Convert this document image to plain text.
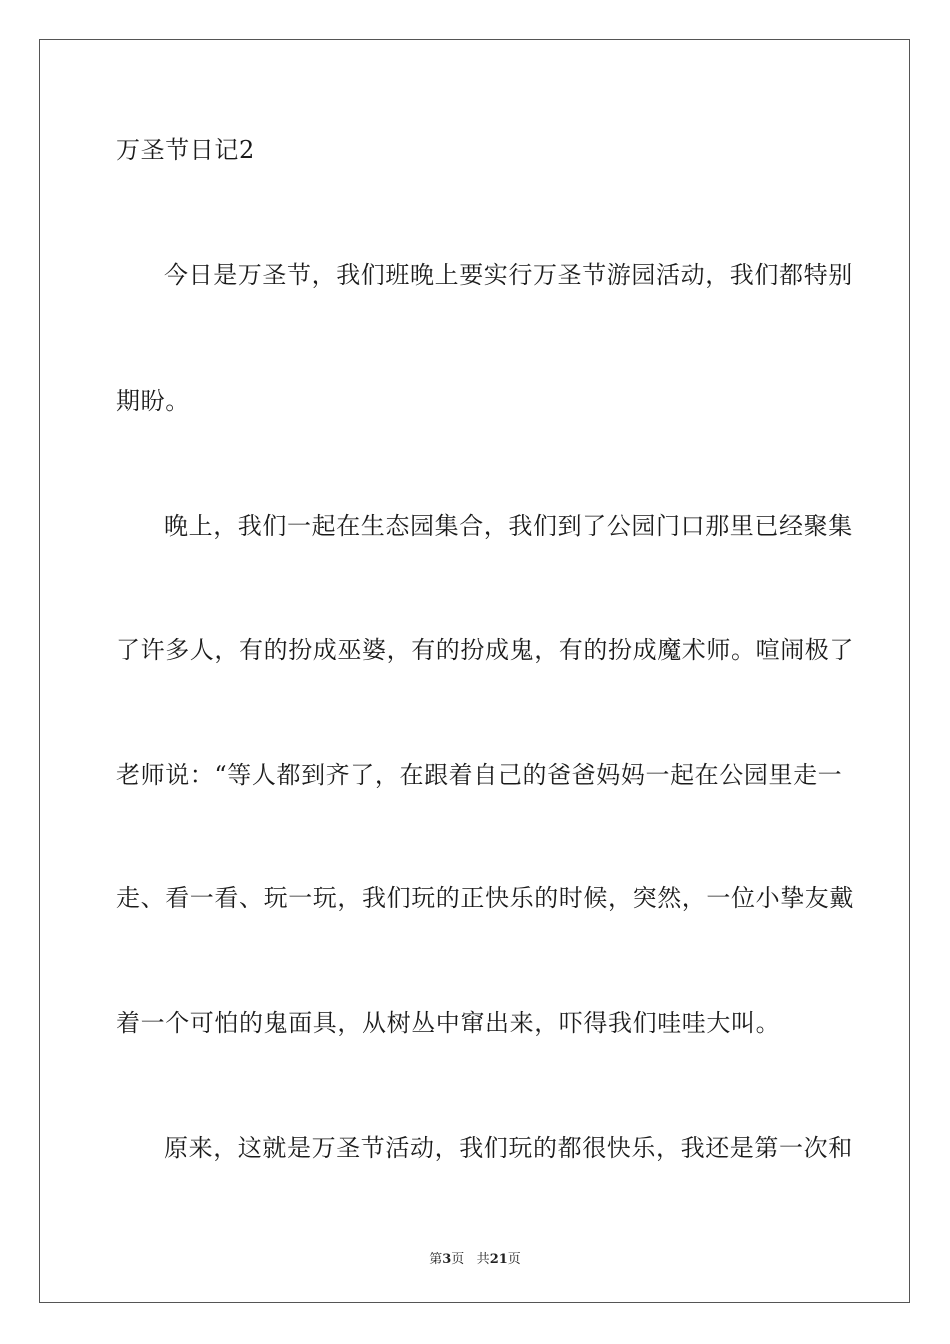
万圣节日记2
今日是万圣节，我们班晚上要实行万圣节游园活动，我们都特别
期盼。
晚上，我们一起在生态园集合，我们到了公园门口那里已经聚集
了许多人，有的扮成巫婆，有的扮成鬼，有的扮成魔术师。喧闹极了
老师说：“等人都到齐了，在跟着自己的爸爸妈妈一起在公园里走一
走、看一看、玩一玩，我们玩的正快乐的时候，突然，一位小挚友戴
着一个可怕的鬼面具，从树丛中窜出来，吓得我们哇哇大叫。
原来，这就是万圣节活动，我们玩的都很快乐，我还是第一次和
第3页 共21页
